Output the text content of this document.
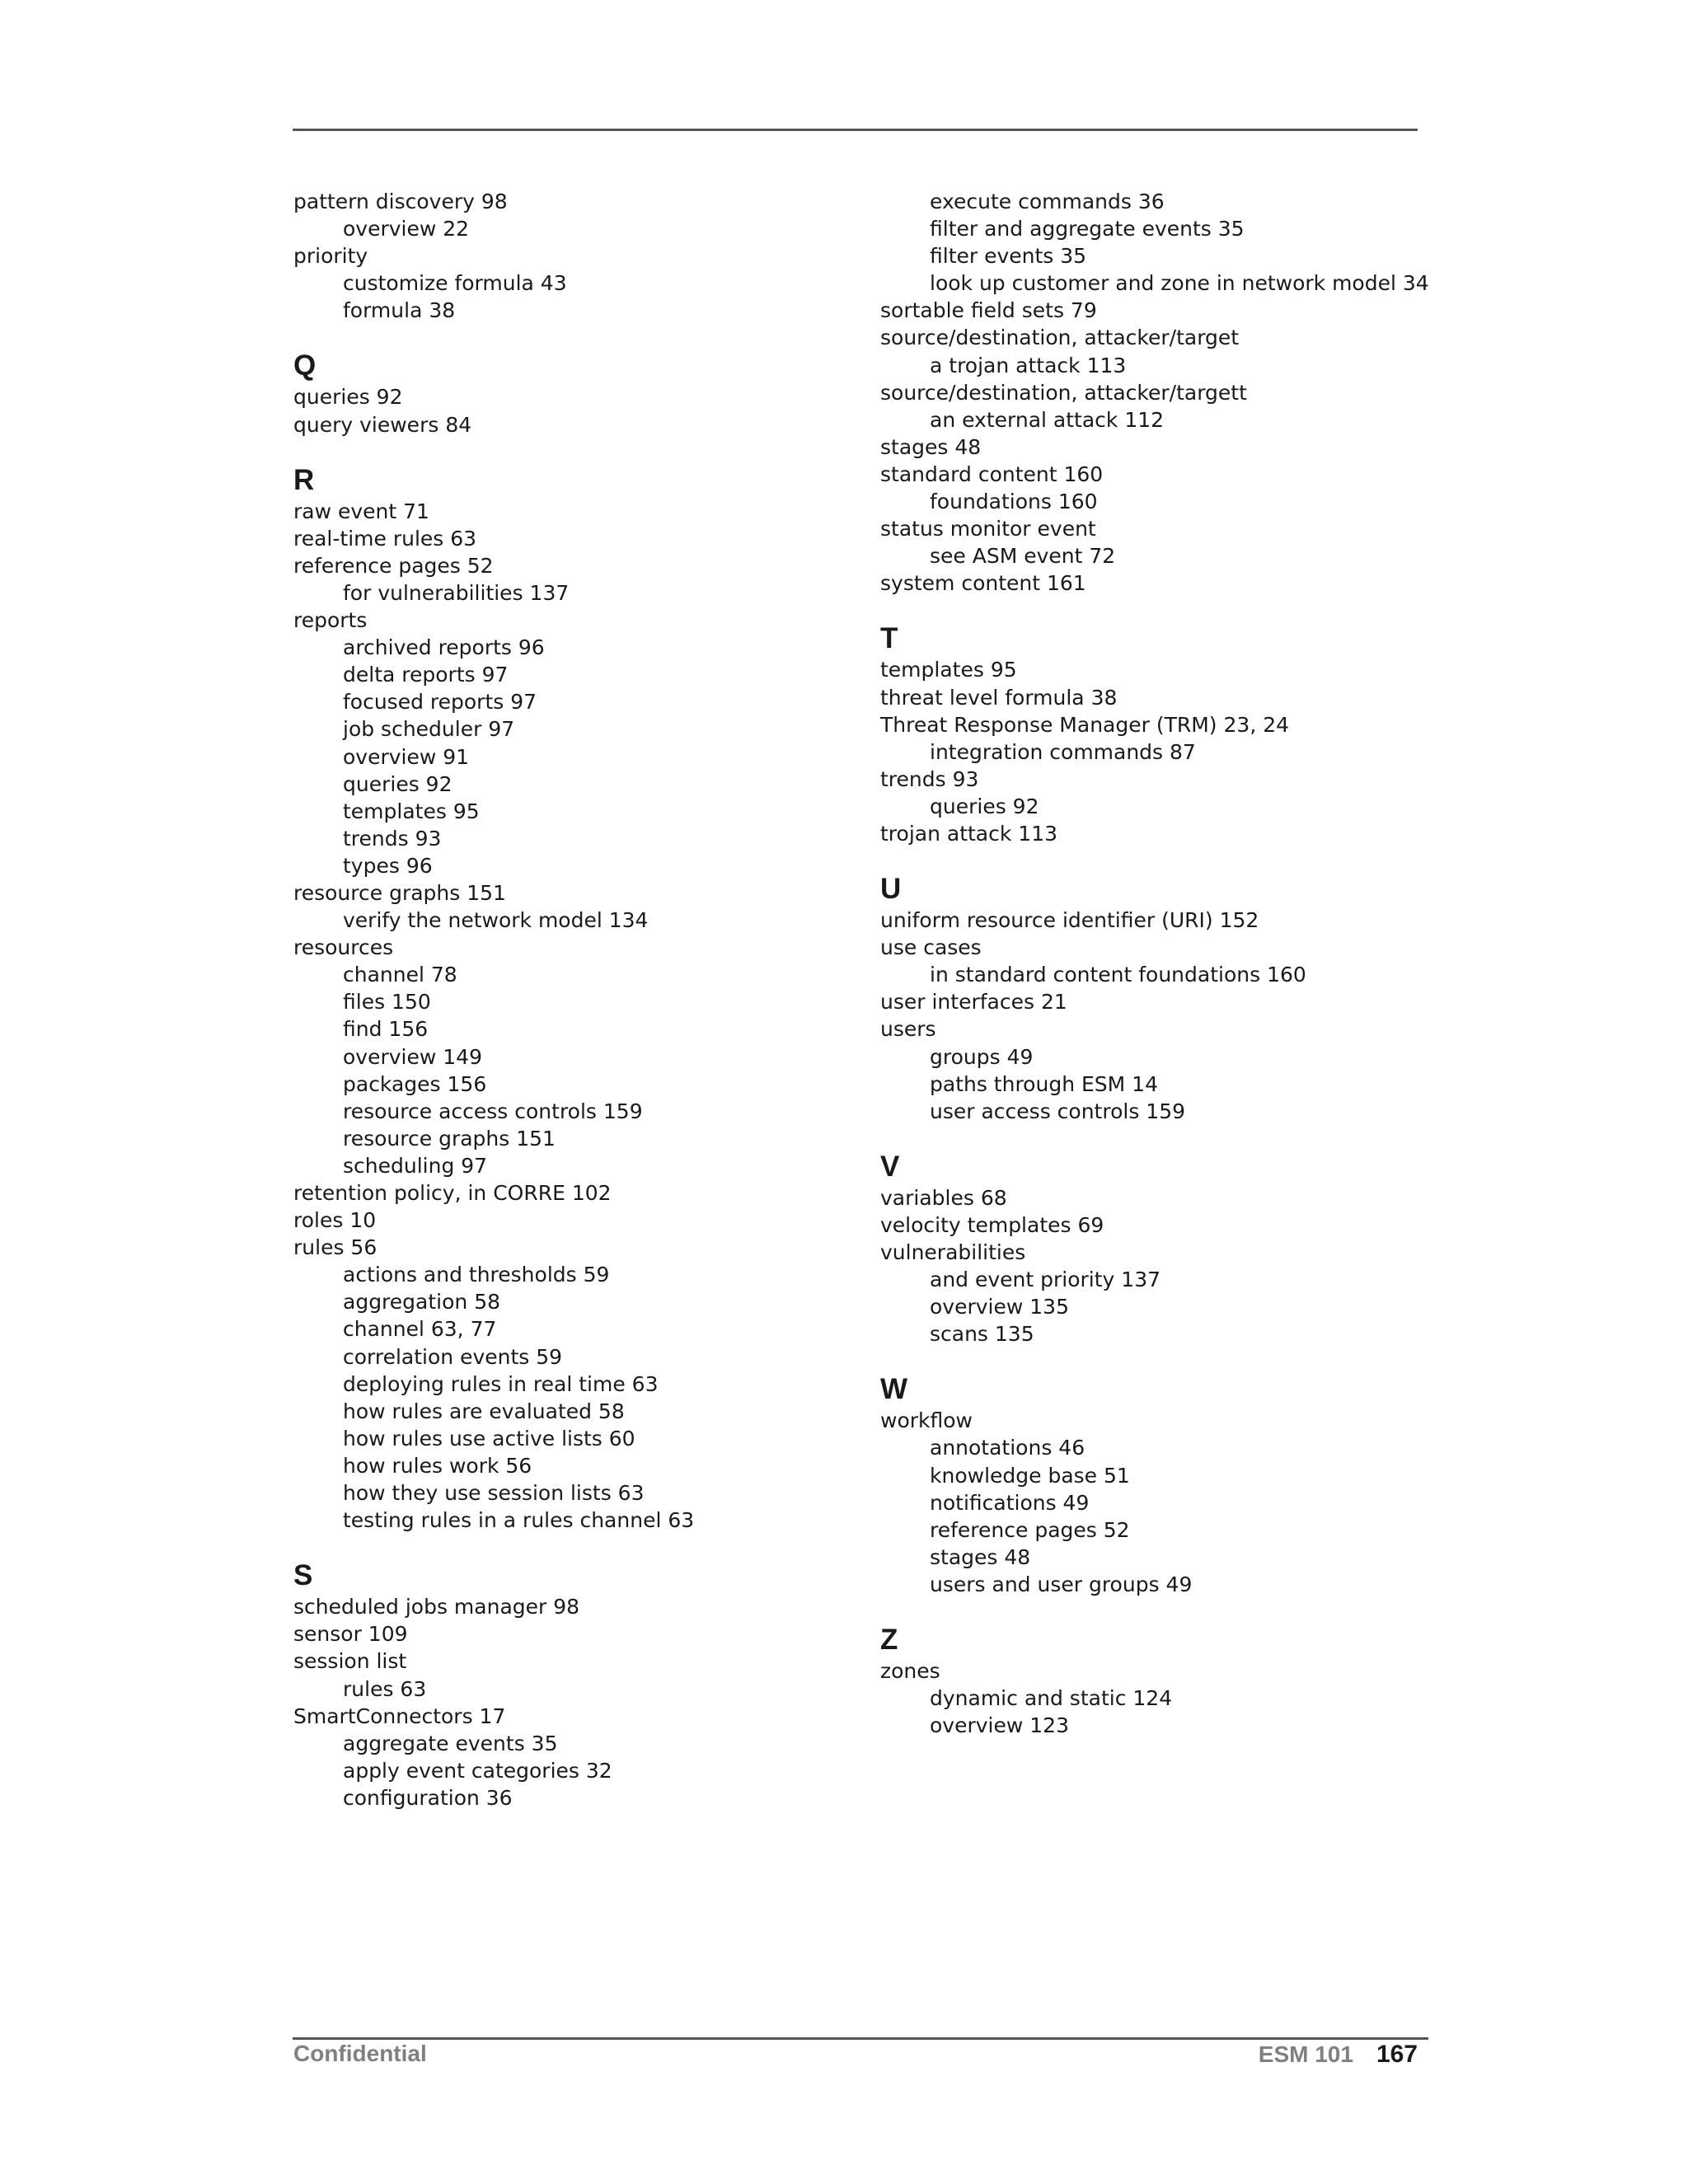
pattern discovery 98
overview 22
priority
customize formula 43
formula 38
Q
queries 92
query viewers 84
R
raw event 71
real-time rules 63
reference pages 52
for vulnerabilities 137
reports
archived reports 96
delta reports 97
focused reports 97
job scheduler 97
overview 91
queries 92
templates 95
trends 93
types 96
resource graphs 151
verify the network model 134
resources
channel 78
files 150
find 156
overview 149
packages 156
resource access controls 159
resource graphs 151
scheduling 97
retention policy, in CORRE 102
roles 10
rules 56
actions and thresholds 59
aggregation 58
channel 63, 77
correlation events 59
deploying rules in real time 63
how rules are evaluated 58
how rules use active lists 60
how rules work 56
how they use session lists 63
testing rules in a rules channel 63
S
scheduled jobs manager 98
sensor 109
session list
rules 63
SmartConnectors 17
aggregate events 35
apply event categories 32
configuration 36
execute commands 36
filter and aggregate events 35
filter events 35
look up customer and zone in network model 34
sortable field sets 79
source/destination, attacker/target
a trojan attack 113
source/destination, attacker/targett
an external attack 112
stages 48
standard content 160
foundations 160
status monitor event
see ASM event 72
system content 161
T
templates 95
threat level formula 38
Threat Response Manager (TRM) 23, 24
integration commands 87
trends 93
queries 92
trojan attack 113
U
uniform resource identifier (URI) 152
use cases
in standard content foundations 160
user interfaces 21
users
groups 49
paths through ESM 14
user access controls 159
V
variables 68
velocity templates 69
vulnerabilities
and event priority 137
overview 135
scans 135
W
workflow
annotations 46
knowledge base 51
notifications 49
reference pages 52
stages 48
users and user groups 49
Z
zones
dynamic and static 124
overview 123
Confidential	ESM 101 167
